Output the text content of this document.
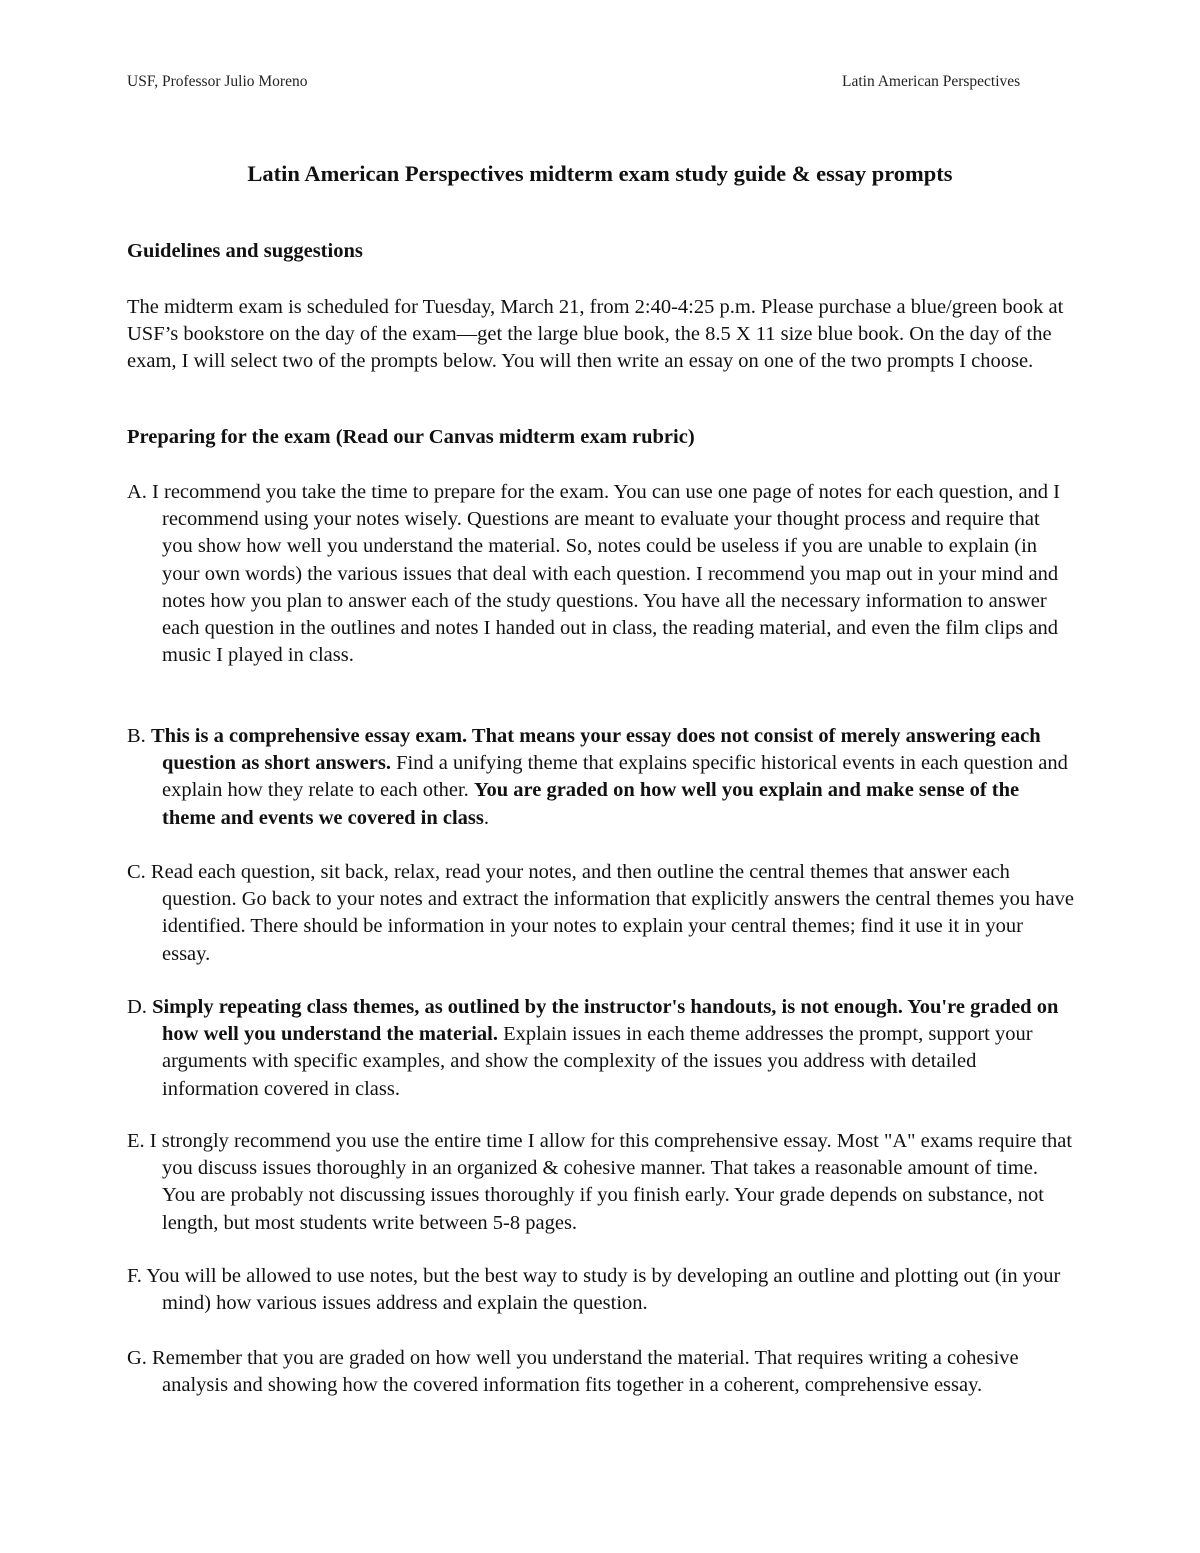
USF, Professor Julio Moreno	Latin American Perspectives
Latin American Perspectives midterm exam study guide & essay prompts
Guidelines and suggestions

The midterm exam is scheduled for Tuesday, March 21, from 2:40-4:25 p.m. Please purchase a blue/green book at USF’s bookstore on the day of the exam—get the large blue book, the 8.5 X 11 size blue book. On the day of the exam, I will select two of the prompts below. You will then write an essay on one of the two prompts I choose.

Preparing for the exam (Read our Canvas midterm exam rubric)

A. I recommend you take the time to prepare for the exam. You can use one page of notes for each question, and I recommend using your notes wisely. Questions are meant to evaluate your thought process and require that you show how well you understand the material. So, notes could be useless if you are unable to explain (in your own words) the various issues that deal with each question. I recommend you map out in your mind and notes how you plan to answer each of the study questions. You have all the necessary information to answer each question in the outlines and notes I handed out in class, the reading material, and even the film clips and music I played in class.

B. This is a comprehensive essay exam. That means your essay does not consist of merely answering each question as short answers. Find a unifying theme that explains specific historical events in each question and explain how they relate to each other. You are graded on how well you explain and make sense of the theme and events we covered in class.

C. Read each question, sit back, relax, read your notes, and then outline the central themes that answer each question. Go back to your notes and extract the information that explicitly answers the central themes you have identified. There should be information in your notes to explain your central themes; find it use it in your essay.

D. Simply repeating class themes, as outlined by the instructor's handouts, is not enough. You're graded on how well you understand the material. Explain issues in each theme addresses the prompt, support your arguments with specific examples, and show the complexity of the issues you address with detailed information covered in class.

E. I strongly recommend you use the entire time I allow for this comprehensive essay. Most "A" exams require that you discuss issues thoroughly in an organized & cohesive manner. That takes a reasonable amount of time. You are probably not discussing issues thoroughly if you finish early. Your grade depends on substance, not length, but most students write between 5-8 pages.

F. You will be allowed to use notes, but the best way to study is by developing an outline and plotting out (in your mind) how various issues address and explain the question.

G. Remember that you are graded on how well you understand the material. That requires writing a cohesive analysis and showing how the covered information fits together in a coherent, comprehensive essay.
